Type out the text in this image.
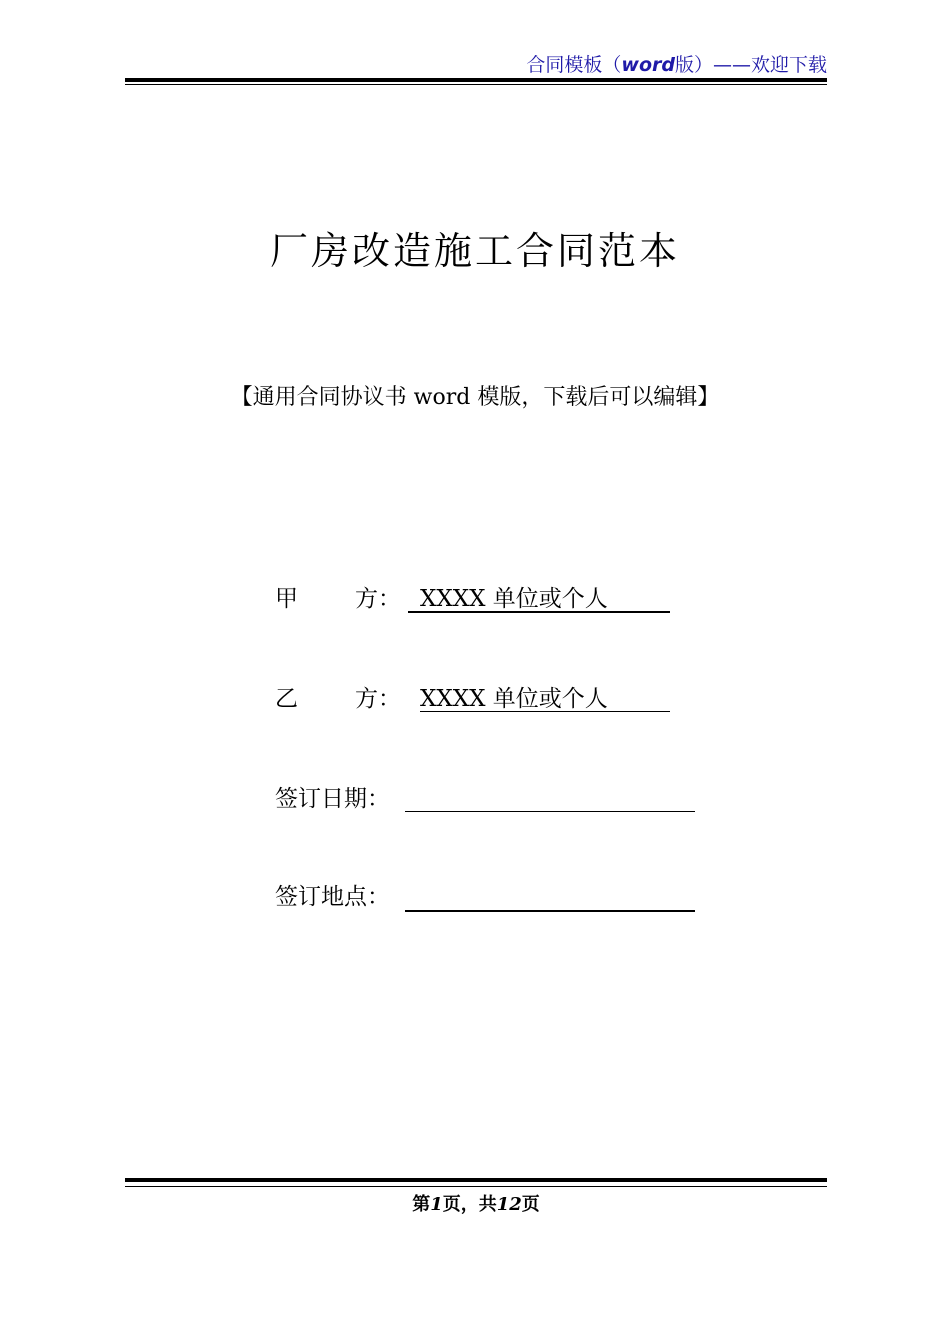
合同模板（word版）——欢迎下载
厂房改造施工合同范本
【通用合同协议书 word 模版，下载后可以编辑】
甲 方： XXXX 单位或个人
乙 方： XXXX 单位或个人
签订日期：
签订地点：
第1页，共12页
